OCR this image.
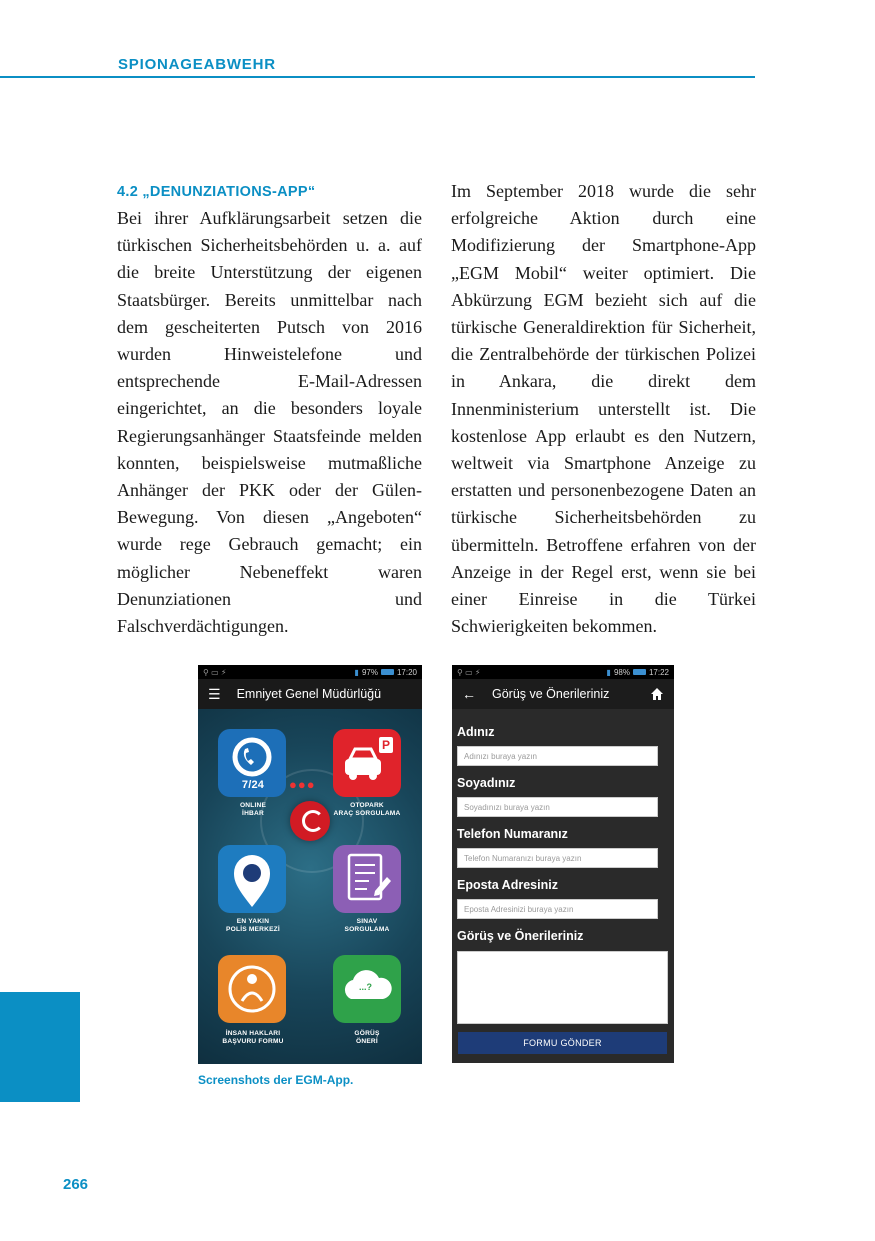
SPIONAGEABWEHR
4.2 „DENUNZIATIONS-APP“

Bei ihrer Aufklärungsarbeit setzen die türkischen Sicherheitsbehörden u. a. auf die breite Unterstützung der eigenen Staatsbürger. Bereits unmittelbar nach dem gescheiterten Putsch von 2016 wurden Hinweistelefone und entsprechende E-Mail-Adressen eingerichtet, an die besonders loyale Regierungsanhänger Staatsfeinde melden konnten, beispielsweise mutmaßliche Anhänger der PKK oder der Gülen-Bewegung. Von diesen „Angeboten“ wurde rege Gebrauch gemacht; ein möglicher Nebeneffekt waren Denunziationen und Falschverdächtigungen.

Im September 2018 wurde die sehr erfolgreiche Aktion durch eine Modifizierung der Smartphone-App „EGM Mobil“ weiter optimiert. Die Abkürzung EGM bezieht sich auf die türkische Generaldirektion für Sicherheit, die Zentralbehörde der türkischen Polizei in Ankara, die direkt dem Innenministerium unterstellt ist. Die kostenlose App erlaubt es den Nutzern, weltweit via Smartphone Anzeige zu erstatten und personenbezogene Daten an türkische Sicherheitsbehörden zu übermitteln. Betroffene erfahren von der Anzeige in der Regel erst, wenn sie bei einer Einreise in die Türkei Schwierigkeiten bekommen.

⚲ ▭ ⚡	▮ 97% 17:20
☰ Emniyet Genel Müdürlüğü
●●●
7/24
ONLINE
İHBAR
P
OTOPARK
ARAÇ SORGULAMA
EN YAKIN
POLİS MERKEZİ
SINAV
SORGULAMA
İNSAN HAKLARI
BAŞVURU FORMU
...?
GÖRÜŞ
ÖNERİ
⚲ ▭ ⚡	▮ 98% 17:22
← Görüş ve Önerileriniz
Adınız
Adınızı buraya yazın
Soyadınız
Soyadınızı buraya yazın
Telefon Numaranız
Telefon Numaranızı buraya yazın
Eposta Adresiniz
Eposta Adresinizi buraya yazın
Görüş ve Önerileriniz
FORMU GÖNDER
Screenshots der EGM-App.
266
